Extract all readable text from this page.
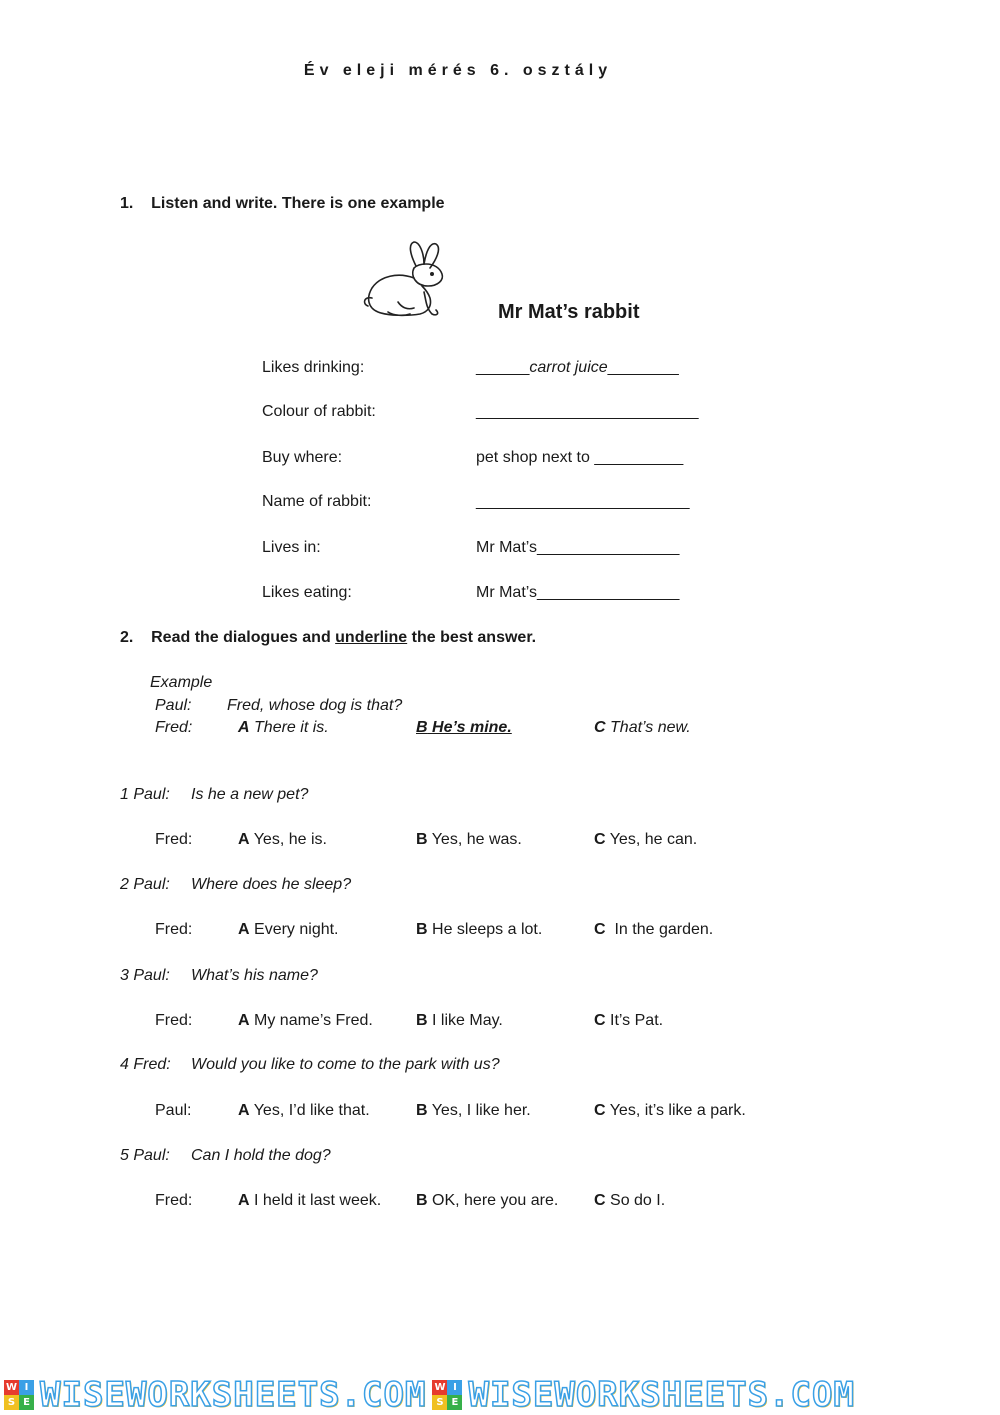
Év eleji mérés 6. osztály
1.    Listen and write. There is one example
Mr Mat’s rabbit
Likes drinking:	______carrot juice________
Colour of rabbit:	_________________________
Buy where:	pet shop next to __________
Name of rabbit:	________________________
Lives in:	Mr Mat’s________________
Likes eating:	Mr Mat’s________________
2.    Read the dialogues and underline the best answer.
Example
Paul: Fred, whose dog is that?
Fred:	A There it is.	B He’s mine.	C That’s new.
1 Paul: Is he a new pet?
Fred:	A Yes, he is.	B Yes, he was.	C Yes, he can.
2 Paul: Where does he sleep?
Fred:	A Every night.	B He sleeps a lot.	C  In the garden.
3 Paul: What’s his name?
Fred:	A My name’s Fred.	B I like May.	C It’s Pat.
4 Fred: Would you like to come to the park with us?
Paul:	A Yes, I’d like that.	B Yes, I like her.	C Yes, it’s like a park.
5 Paul: Can I hold the dog?
Fred:	A I held it last week. B OK, here you are. C So do I.
W I
S E WISEWORKSHEETS.COM W I
S E WISEWORKSHEETS.COM
